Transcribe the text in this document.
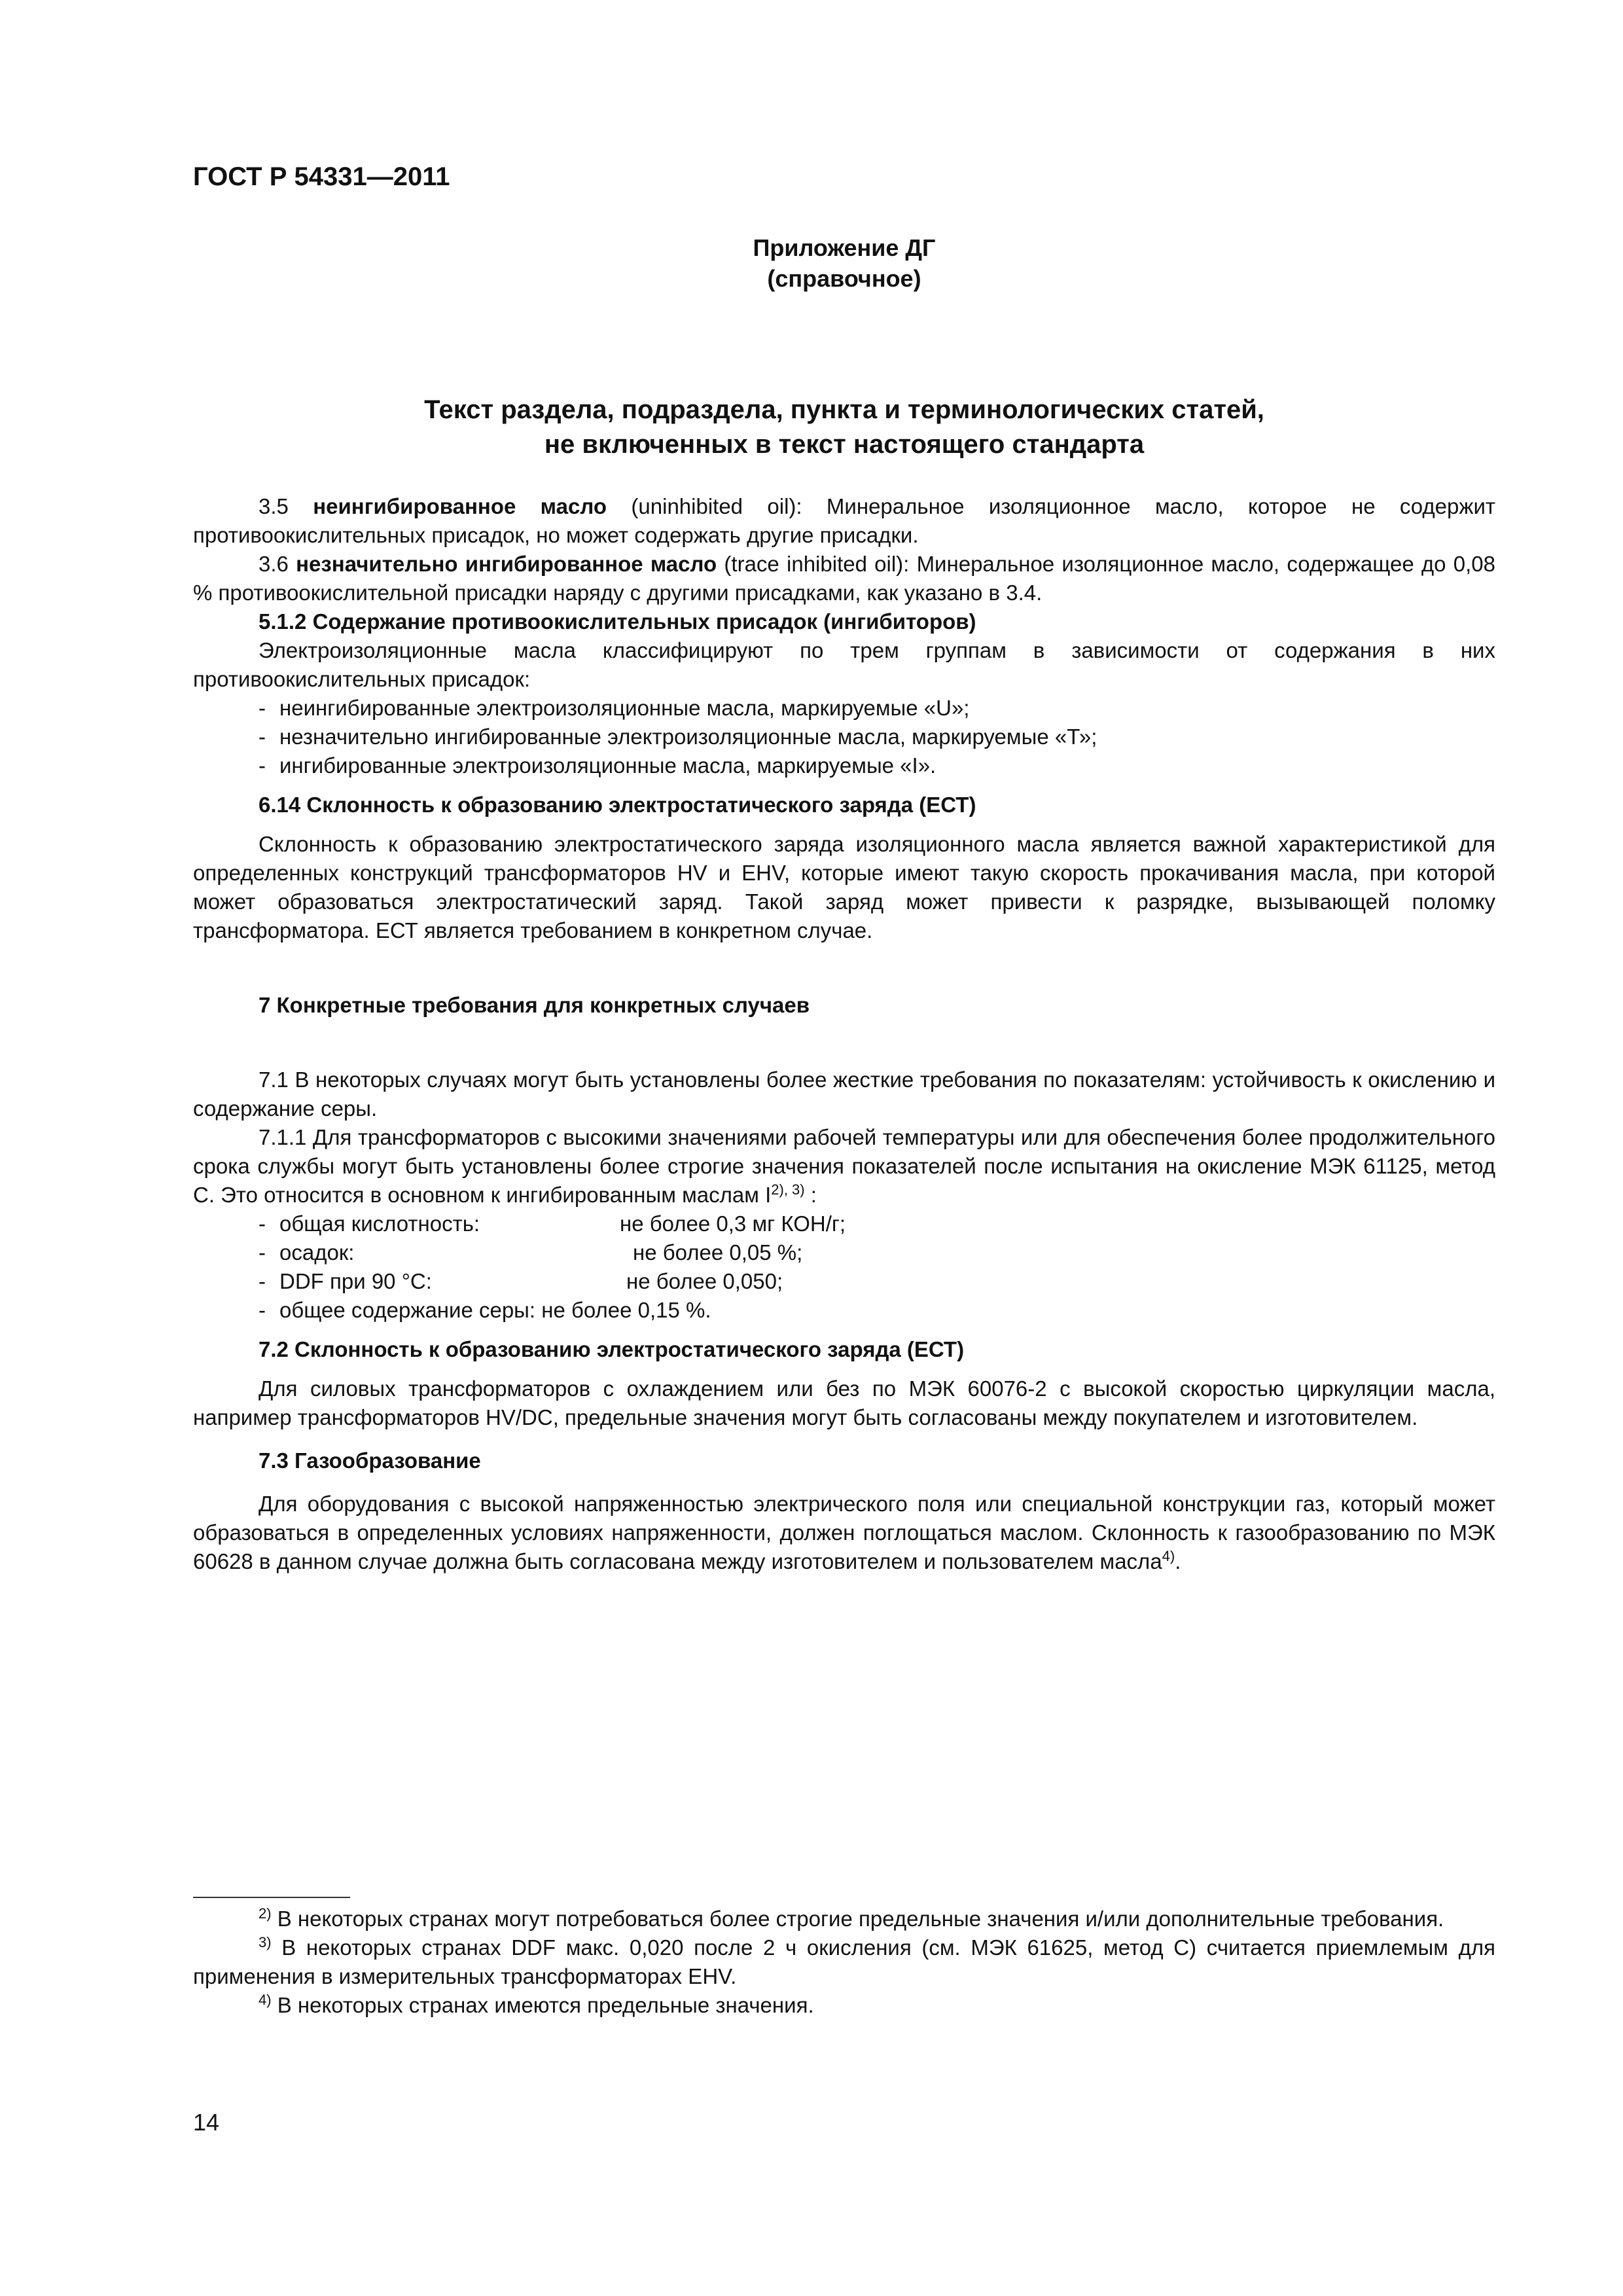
ГОСТ Р 54331—2011
Приложение ДГ
(справочное)
Текст раздела, подраздела, пункта и терминологических статей,
не включенных в текст настоящего стандарта

3.5 неингибированное масло (uninhibited oil): Минеральное изоляционное масло, которое не содержит противоокислительных присадок, но может содержать другие присадки.

3.6 незначительно ингибированное масло (trace inhibited oil): Минеральное изоляционное масло, содержащее до 0,08 % противоокислительной присадки наряду с другими присадками, как указано в 3.4.

5.1.2 Содержание противоокислительных присадок (ингибиторов)

Электроизоляционные масла классифицируют по трем группам в зависимости от содержания в них противоокислительных присадок:

- неингибированные электроизоляционные масла, маркируемые «U»;

- незначительно ингибированные электроизоляционные масла, маркируемые «Т»;

- ингибированные электроизоляционные масла, маркируемые «I».

6.14 Склонность к образованию электростатического заряда (ЕСТ)

Склонность к образованию электростатического заряда изоляционного масла является важной характеристикой для определенных конструкций трансформаторов HV и EHV, которые имеют такую скорость прокачивания масла, при которой может образоваться электростатический заряд. Такой заряд может привести к разрядке, вызывающей поломку трансформатора. ЕСТ является требованием в конкретном случае.

7 Конкретные требования для конкретных случаев

7.1 В некоторых случаях могут быть установлены более жесткие требования по показателям: устойчивость к окислению и содержание серы.

7.1.1 Для трансформаторов с высокими значениями рабочей температуры или для обеспечения более продолжительного срока службы могут быть установлены более строгие значения показателей после испытания на окисление МЭК 61125, метод С. Это относится в основном к ингибированным маслам $I^{2), 3)}$ :

- общая кислотность:	не более 0,3 мг КОН/г;

- осадок:	не более 0,05 %;

- DDF при 90 °С:	не более 0,050;

- общее содержание серы: не более 0,15 %.

7.2 Склонность к образованию электростатического заряда (ЕСТ)

Для силовых трансформаторов с охлаждением или без по МЭК 60076-2 с высокой скоростью циркуляции масла, например трансформаторов HV/DC, предельные значения могут быть согласованы между покупателем и изготовителем.

7.3 Газообразование

Для оборудования с высокой напряженностью электрического поля или специальной конструкции газ, который может образоваться в определенных условиях напряженности, должен поглощаться маслом. Склонность к газообразованию по МЭК 60628 в данном случае должна быть согласована между изготовителем и пользователем масла$^{4)}$.

$^{2)}$ В некоторых странах могут потребоваться более строгие предельные значения и/или дополнительные требования.

$^{3)}$ В некоторых странах DDF макс. 0,020 после 2 ч окисления (см. МЭК 61625, метод С) считается приемлемым для применения в измерительных трансформаторах EHV.

$^{4)}$ В некоторых странах имеются предельные значения.

14
